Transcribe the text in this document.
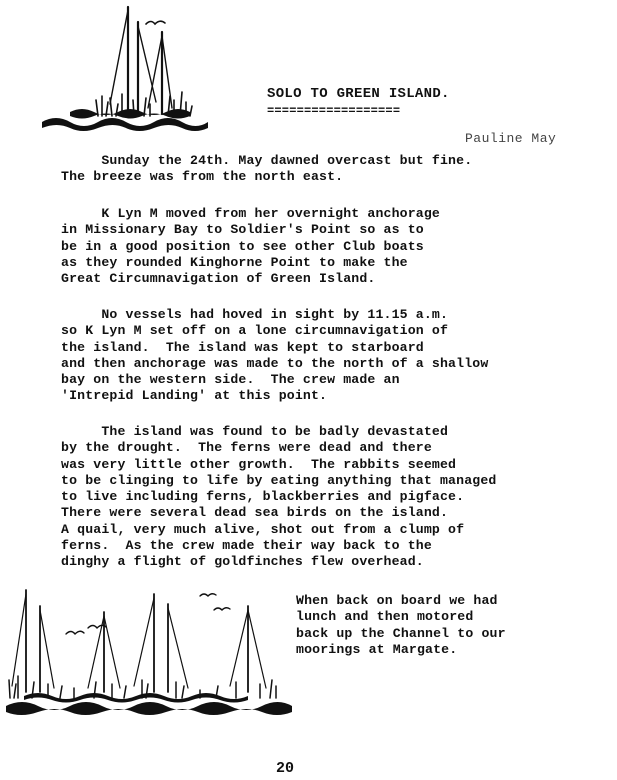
SOLO TO GREEN ISLAND.
==================
Pauline May
Sunday the 24th. May dawned overcast but fine.
The breeze was from the north east.
K Lyn M moved from her overnight anchorage
in Missionary Bay to Soldier's Point so as to
be in a good position to see other Club boats
as they rounded Kinghorne Point to make the
Great Circumnavigation of Green Island.
No vessels had hoved in sight by 11.15 a.m.
so K Lyn M set off on a lone circumnavigation of
the island.  The island was kept to starboard
and then anchorage was made to the north of a shallow
bay on the western side.  The crew made an
'Intrepid Landing' at this point.
The island was found to be badly devastated
by the drought.  The ferns were dead and there
was very little other growth.  The rabbits seemed
to be clinging to life by eating anything that managed
to live including ferns, blackberries and pigface.
There were several dead sea birds on the island.
A quail, very much alive, shot out from a clump of
ferns.  As the crew made their way back to the
dinghy a flight of goldfinches flew overhead.
When back on board we had
lunch and then motored
back up the Channel to our
moorings at Margate.
20
